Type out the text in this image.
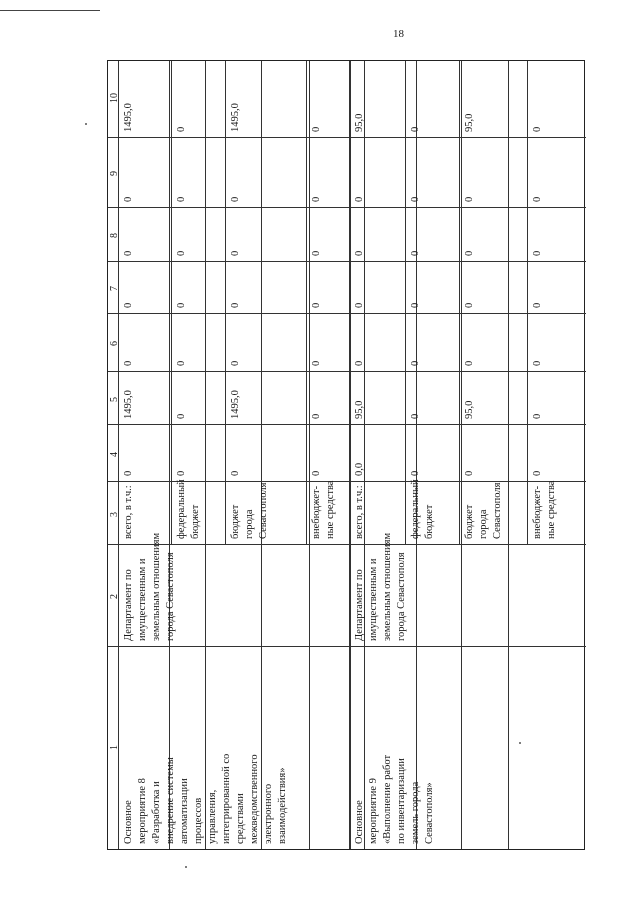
18
1
2
3
4
5
6
7
8
9
10
Основное мероприятие 8 «Разработка и внедрение системы автоматизации процессов управления, интегрированной со средствами межведомственного электронного взаимодействия»
Департамент по имущественным и земельным отношениям города Севастополя
всего, в т.ч.:
0
1495,0
0
0
0
0
1495,0
федеральный бюджет
0
0
0
0
0
0
0
бюджет города Севастополя
0
1495,0
0
0
0
0
1495,0
внебюджет- ные средства
0
0
0
0
0
0
0
Основное мероприятие 9 «Выполнение работ по инвентаризации земель города Севастополя»
Департамент по имущественным и земельным отношениям города Севастополя
всего, в т.ч.:
0,0
95,0
0
0
0
0
95,0
федеральный бюджет
0
0
0
0
0
0
0
бюджет города Севастополя
0
95,0
0
0
0
0
95,0
внебюджет- ные средства
0
0
0
0
0
0
0
